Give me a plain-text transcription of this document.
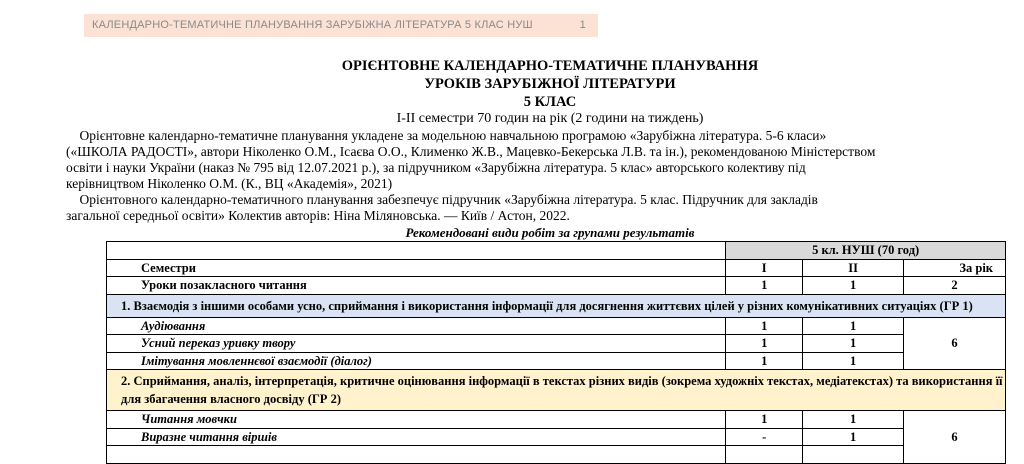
КАЛЕНДАРНО-ТЕМАТИЧНЕ ПЛАНУВАННЯ ЗАРУБІЖНА ЛІТЕРАТУРА 5 КЛАС НУШ	1
ОРІЄНТОВНЕ КАЛЕНДАРНО-ТЕМАТИЧНЕ ПЛАНУВАННЯ
УРОКІВ ЗАРУБІЖНОЇ ЛІТЕРАТУРИ
5 КЛАС
І-ІІ семестри 70 годин на рік (2 години на тиждень)
Орієнтовне календарно-тематичне планування укладене за модельною навчальною програмою «Зарубіжна література. 5-6 класи»
(«ШКОЛА РАДОСТІ», автори Ніколенко О.М., Ісаєва О.О., Клименко Ж.В., Мацевко-Бекерська Л.В. та ін.), рекомендованою Міністерством
освіти і науки України (наказ № 795 від 12.07.2021 р.), за підручником «Зарубіжна література. 5 клас» авторського колективу під
керівництвом Ніколенко О.М. (К., ВЦ «Академія», 2021)
Орієнтовного календарно-тематичного планування забезпечує підручник «Зарубіжна література. 5 клас. Підручник для закладів
загальної середньої освіти» Колектив авторів: Ніна Міляновська. — Київ / Астон, 2022.
Рекомендовані види робіт за групами результатів
	5 кл. НУШ (70 год)		
Семестри	І	ІІ	За рік
Уроки позакласного читання	1	1	2
1. Взаємодія з іншими особами усно, сприймання і використання інформації для досягнення життєвих цілей у різних комунікативних ситуаціях (ГР 1)			
Аудіювання	1	1	6
Усний переказ уривку твору	1	1	
Імітування мовленнєвої взаємодії (діалог)	1	1	
2. Сприймання, аналіз, інтерпретація, критичне оцінювання інформації в текстах різних видів (зокрема художніх текстах, медіатекстах) та використання її для збагачення власного досвіду (ГР 2)			
Читання мовчки	1	1	6
Виразне читання віршів	-	1	
